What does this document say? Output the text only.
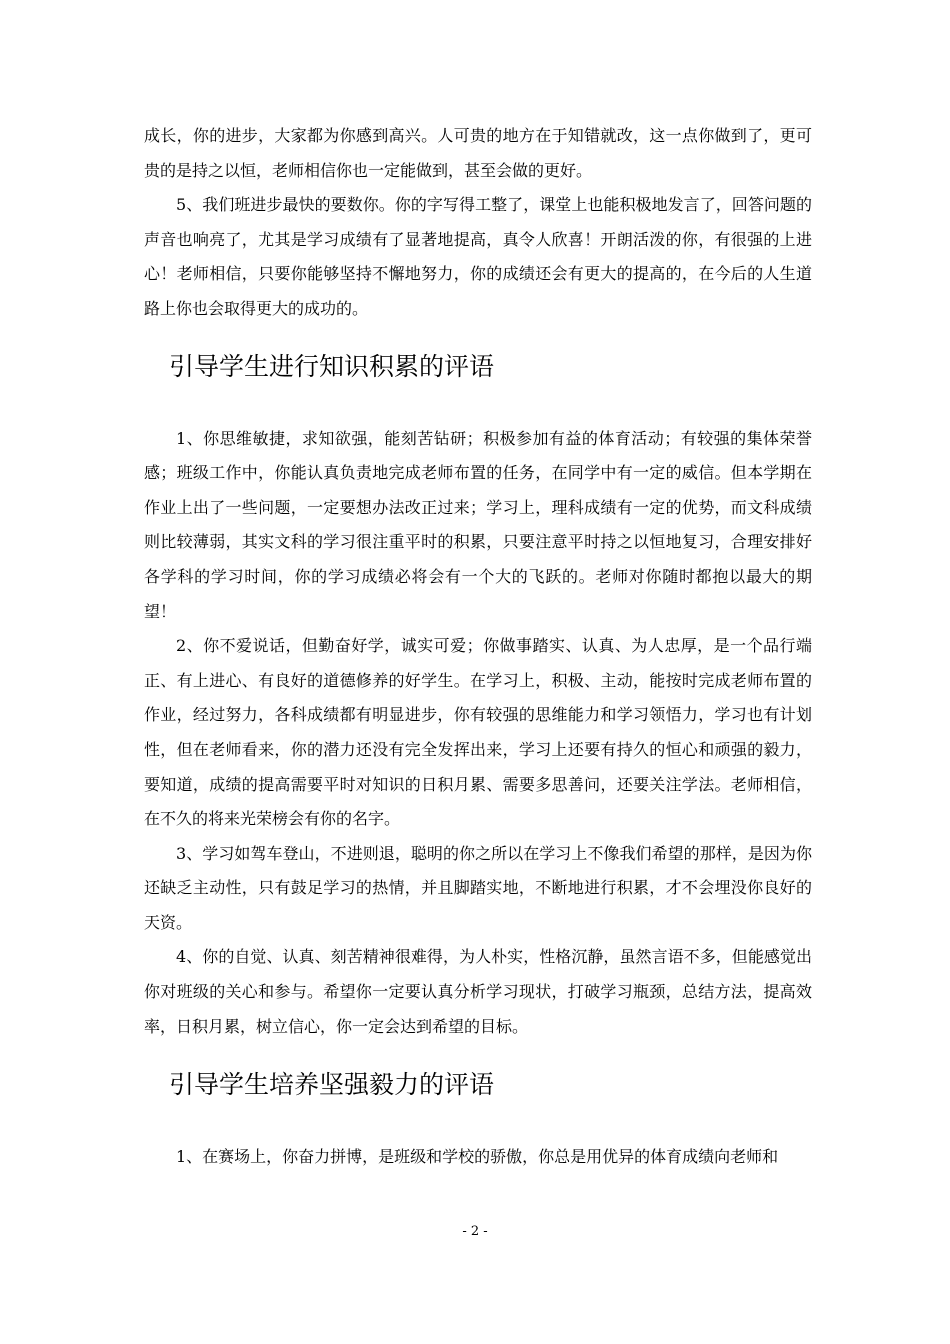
成长，你的进步，大家都为你感到高兴。人可贵的地方在于知错就改，这一点你做到了，更可贵的是持之以恒，老师相信你也一定能做到，甚至会做的更好。

5、我们班进步最快的要数你。你的字写得工整了，课堂上也能积极地发言了，回答问题的声音也响亮了，尤其是学习成绩有了显著地提高，真令人欣喜！开朗活泼的你，有很强的上进心！老师相信，只要你能够坚持不懈地努力，你的成绩还会有更大的提高的，在今后的人生道路上你也会取得更大的成功的。

引导学生进行知识积累的评语

1、你思维敏捷，求知欲强，能刻苦钻研；积极参加有益的体育活动；有较强的集体荣誉感；班级工作中，你能认真负责地完成老师布置的任务，在同学中有一定的威信。但本学期在作业上出了一些问题，一定要想办法改正过来；学习上，理科成绩有一定的优势，而文科成绩则比较薄弱，其实文科的学习很注重平时的积累，只要注意平时持之以恒地复习，合理安排好各学科的学习时间，你的学习成绩必将会有一个大的飞跃的。老师对你随时都抱以最大的期望！

2、你不爱说话，但勤奋好学，诚实可爱；你做事踏实、认真、为人忠厚，是一个品行端正、有上进心、有良好的道德修养的好学生。在学习上，积极、主动，能按时完成老师布置的作业，经过努力，各科成绩都有明显进步，你有较强的思维能力和学习领悟力，学习也有计划性，但在老师看来，你的潜力还没有完全发挥出来，学习上还要有持久的恒心和顽强的毅力，要知道，成绩的提高需要平时对知识的日积月累、需要多思善问，还要关注学法。老师相信，在不久的将来光荣榜会有你的名字。

3、学习如驾车登山，不进则退，聪明的你之所以在学习上不像我们希望的那样，是因为你还缺乏主动性，只有鼓足学习的热情，并且脚踏实地，不断地进行积累，才不会埋没你良好的天资。

4、你的自觉、认真、刻苦精神很难得，为人朴实，性格沉静，虽然言语不多，但能感觉出你对班级的关心和参与。希望你一定要认真分析学习现状，打破学习瓶颈，总结方法，提高效率，日积月累，树立信心，你一定会达到希望的目标。

引导学生培养坚强毅力的评语

1、在赛场上，你奋力拼博，是班级和学校的骄傲，你总是用优异的体育成绩向老师和

- 2 -
